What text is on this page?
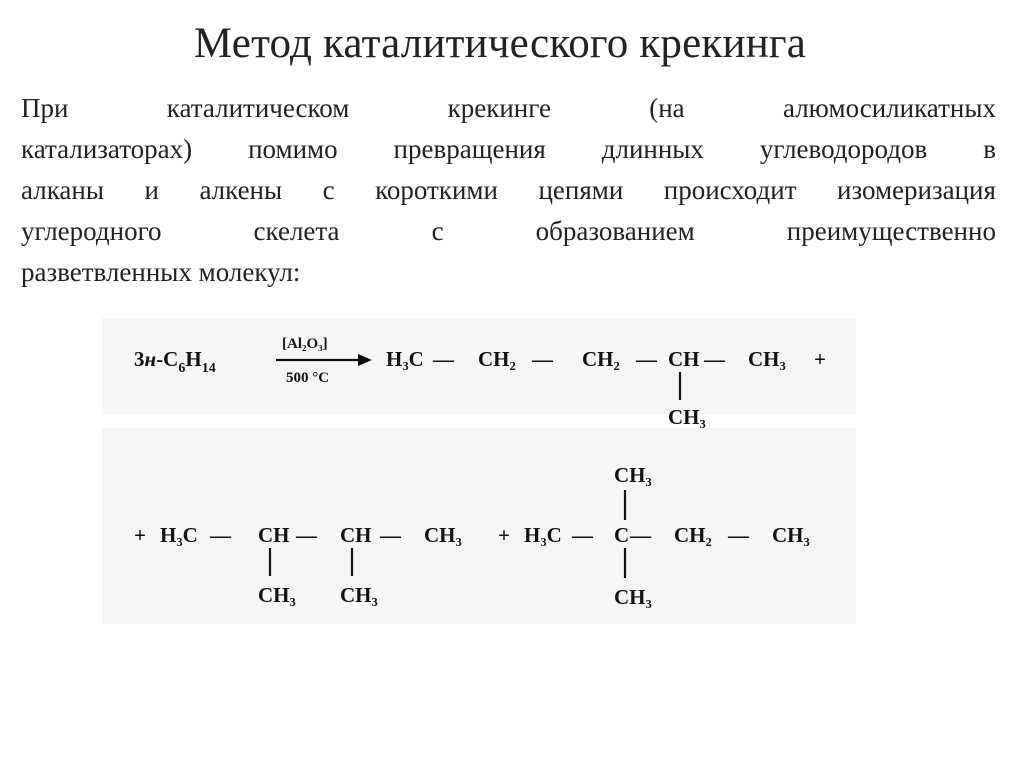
Метод каталитического крекинга
При	каталитическом	крекинге	(на	алюмосиликатных
катализаторах) помимо превращения длинных углеводородов в
алканы и алкены с короткими цепями происходит изомеризация
углеродного	скелета	с	образованием	преимущественно
разветвленных молекул:
$3н-C_6H_{14}$
[Al₂O₃]
500 °C
H₃C — CH₂ — CH₂ — CH — CH₃ +
CH₃
+ H₃C — CH — CH — CH₃ +
CH₃ CH₃
H₃C — C — CH₂ — CH₃
CH₃
CH₃
